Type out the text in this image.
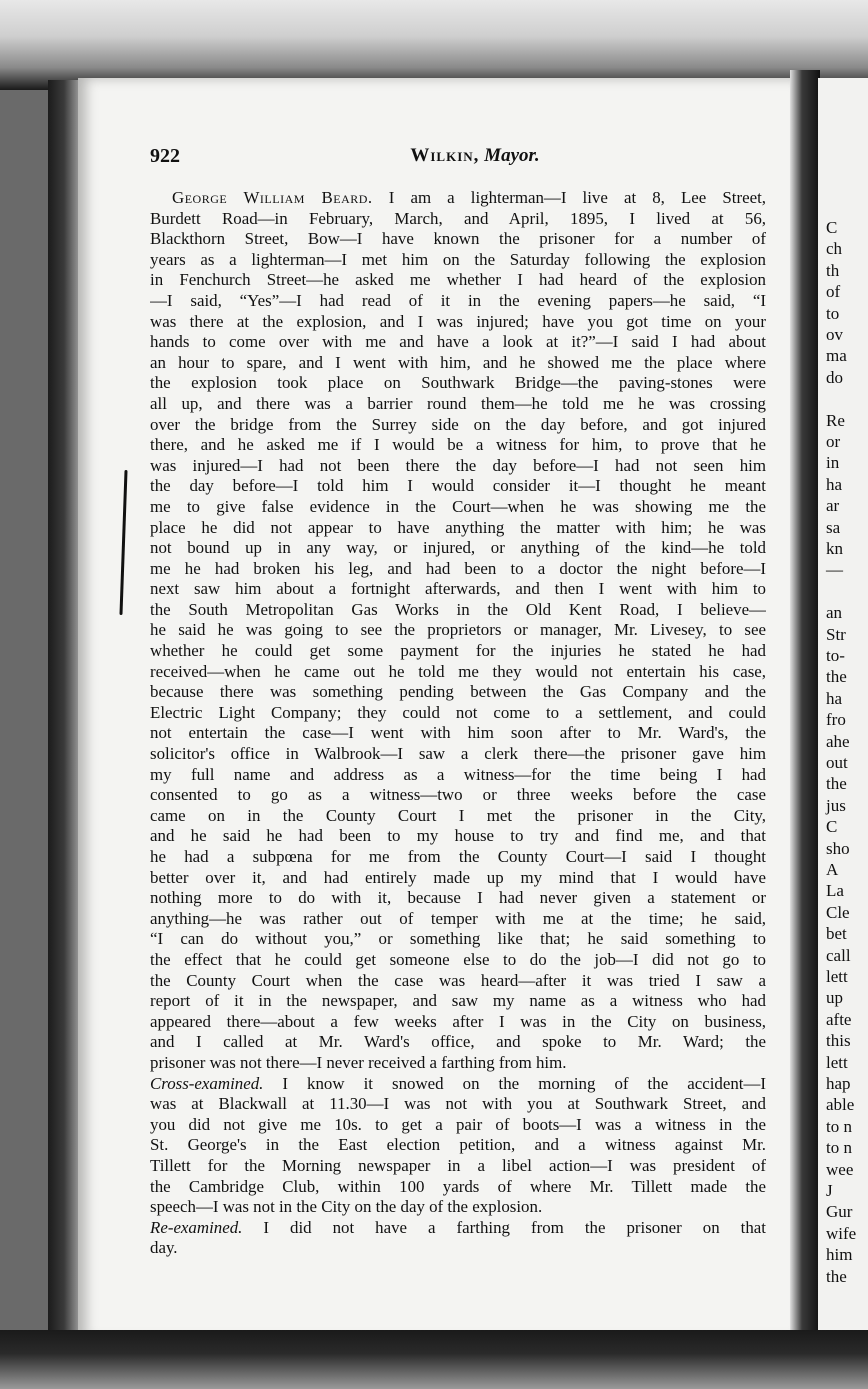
C
ch
th
of
to
ov
ma
do
Re
or
in
ha
ar
sa
kn
—
an
Str
to-
the
ha
fro
ahe
out
the
jus
C
sho
A
La
Cle
bet
call
lett
up
afte
this
lett
hap
able
to n
to n
wee
J
Gur
wife
him
the
922	Wilkin, Mayor.
George William Beard. I am a lighterman—I live at 8, Lee Street,
Burdett Road—in February, March, and April, 1895, I lived at 56,
Blackthorn Street, Bow—I have known the prisoner for a number of
years as a lighterman—I met him on the Saturday following the explosion
in Fenchurch Street—he asked me whether I had heard of the explosion
—I said, “Yes”—I had read of it in the evening papers—he said, “I
was there at the explosion, and I was injured; have you got time on your
hands to come over with me and have a look at it?”—I said I had about
an hour to spare, and I went with him, and he showed me the place where
the explosion took place on Southwark Bridge—the paving-stones were
all up, and there was a barrier round them—he told me he was crossing
over the bridge from the Surrey side on the day before, and got injured
there, and he asked me if I would be a witness for him, to prove that he
was injured—I had not been there the day before—I had not seen him
the day before—I told him I would consider it—I thought he meant
me to give false evidence in the Court—when he was showing me the
place he did not appear to have anything the matter with him; he was
not bound up in any way, or injured, or anything of the kind—he told
me he had broken his leg, and had been to a doctor the night before—I
next saw him about a fortnight afterwards, and then I went with him to
the South Metropolitan Gas Works in the Old Kent Road, I believe—
he said he was going to see the proprietors or manager, Mr. Livesey, to see
whether he could get some payment for the injuries he stated he had
received—when he came out he told me they would not entertain his case,
because there was something pending between the Gas Company and the
Electric Light Company; they could not come to a settlement, and could
not entertain the case—I went with him soon after to Mr. Ward's, the
solicitor's office in Walbrook—I saw a clerk there—the prisoner gave him
my full name and address as a witness—for the time being I had
consented to go as a witness—two or three weeks before the case
came on in the County Court I met the prisoner in the City,
and he said he had been to my house to try and find me, and that
he had a subpœna for me from the County Court—I said I thought
better over it, and had entirely made up my mind that I would have
nothing more to do with it, because I had never given a statement or
anything—he was rather out of temper with me at the time; he said,
“I can do without you,” or something like that; he said something to
the effect that he could get someone else to do the job—I did not go to
the County Court when the case was heard—after it was tried I saw a
report of it in the newspaper, and saw my name as a witness who had
appeared there—about a few weeks after I was in the City on business,
and I called at Mr. Ward's office, and spoke to Mr. Ward; the
prisoner was not there—I never received a farthing from him.
Cross-examined. I know it snowed on the morning of the accident—I
was at Blackwall at 11.30—I was not with you at Southwark Street, and
you did not give me 10s. to get a pair of boots—I was a witness in the
St. George's in the East election petition, and a witness against Mr.
Tillett for the Morning newspaper in a libel action—I was president of
the Cambridge Club, within 100 yards of where Mr. Tillett made the
speech—I was not in the City on the day of the explosion.
Re-examined. I did not have a farthing from the prisoner on that
day.
